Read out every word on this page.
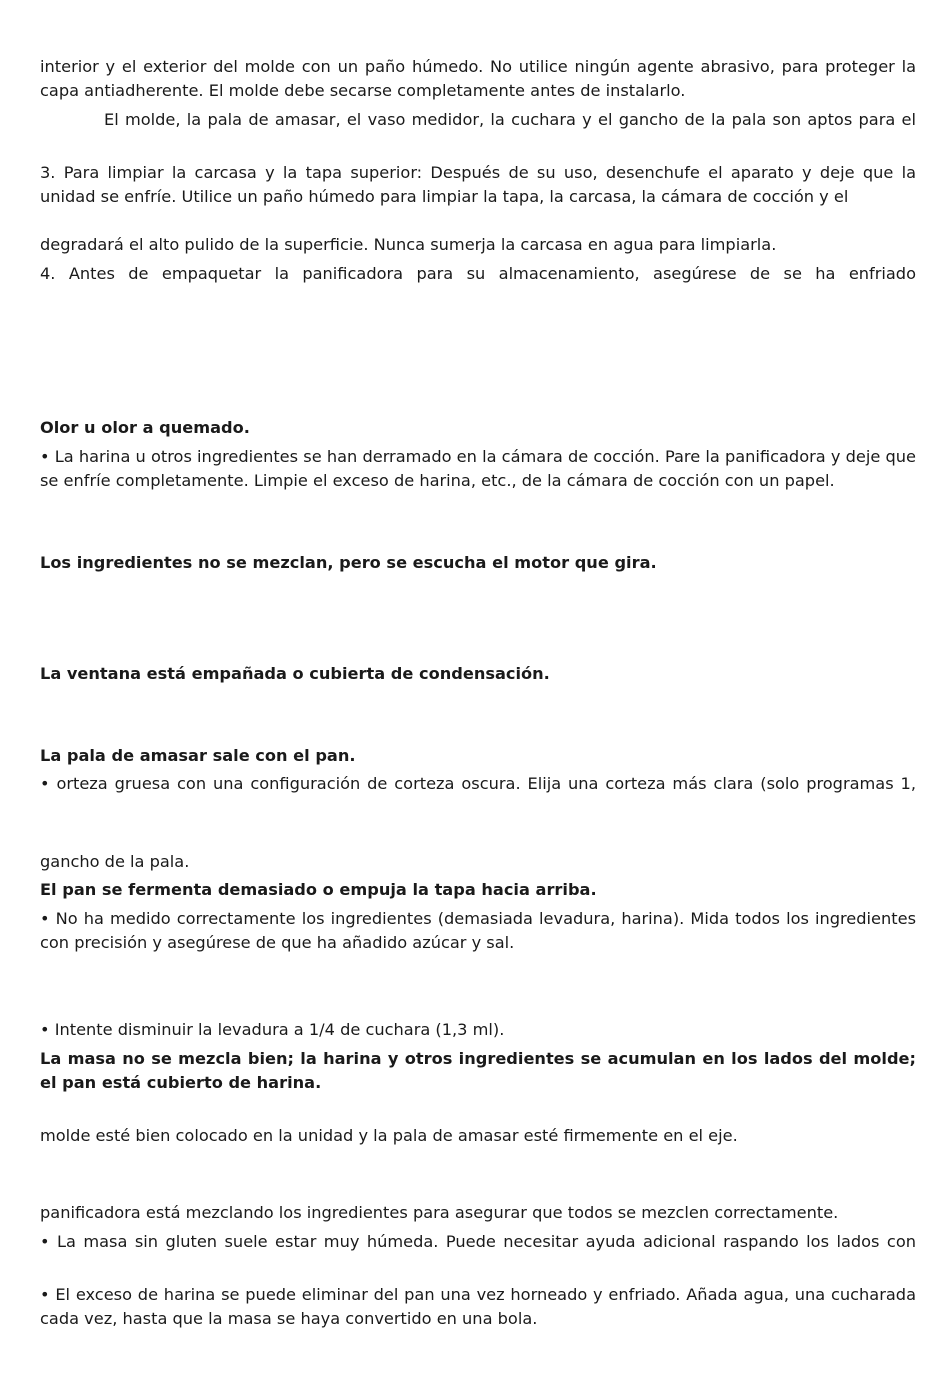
interior y el exterior del molde con un paño húmedo. No utilice ningún agente abrasivo, para proteger la capa antiadherente. El molde debe secarse completamente antes de instalarlo.

El molde, la pala de amasar, el vaso medidor, la cuchara y el gancho de la pala son aptos para el

3. Para limpiar la carcasa y la tapa superior: Después de su uso, desenchufe el aparato y deje que la unidad se enfríe. Utilice un paño húmedo para limpiar la tapa, la carcasa, la cámara de cocción y el

degradará el alto pulido de la superficie. Nunca sumerja la carcasa en agua para limpiarla.

4. Antes de empaquetar la panificadora para su almacenamiento, asegúrese de se ha enfriado

Olor u olor a quemado.

• La harina u otros ingredientes se han derramado en la cámara de cocción. Pare la panificadora y deje que se enfríe completamente. Limpie el exceso de harina, etc., de la cámara de cocción con un papel.

Los ingredientes no se mezclan, pero se escucha el motor que gira.

La ventana está empañada o cubierta de condensación.

La pala de amasar sale con el pan.

• orteza gruesa con una configuración de corteza oscura. Elija una corteza más clara (solo programas 1,

gancho de la pala.

El pan se fermenta demasiado o empuja la tapa hacia arriba.

• No ha medido correctamente los ingredientes (demasiada levadura, harina). Mida todos los ingredientes con precisión y asegúrese de que ha añadido azúcar y sal.

• Intente disminuir la levadura a 1/4 de cuchara (1,3 ml).

La masa no se mezcla bien; la harina y otros ingredientes se acumulan en los lados del molde; el pan está cubierto de harina.

molde esté bien colocado en la unidad y la pala de amasar esté firmemente en el eje.

panificadora está mezclando los ingredientes para asegurar que todos se mezclen correctamente.

• La masa sin gluten suele estar muy húmeda. Puede necesitar ayuda adicional raspando los lados con

• El exceso de harina se puede eliminar del pan una vez horneado y enfriado. Añada agua, una cucharada cada vez, hasta que la masa se haya convertido en una bola.
